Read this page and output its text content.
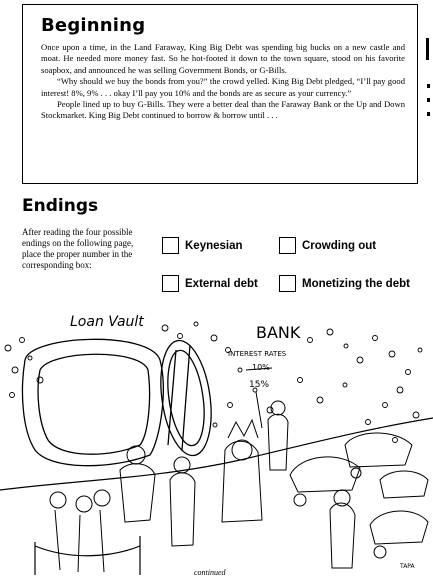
Beginning

Once upon a time, in the Land Faraway, King Big Debt was spending big bucks on a new castle and moat. He needed more money fast. So he hot-footed it down to the town square, stood on his favorite soapbox, and announced he was selling Government Bonds, or G-Bills.

“Why should we buy the bonds from you?” the crowd yelled. King Big Debt pledged, “I’ll pay good interest! 8%, 9% . . . okay I’ll pay you 10% and the bonds are as secure as your currency.”

People lined up to buy G-Bills. They were a better deal than the Faraway Bank or the Up and Down Stockmarket. King Big Debt continued to borrow & borrow until . . .

Endings
After reading the four possible endings on the following page, place the proper number in the corresponding box:
Keynesian	Crowding out
External debt	Monetizing the debt
Loan Vault
BANK
INTEREST RATES
10%
15%
TAPA
continued
